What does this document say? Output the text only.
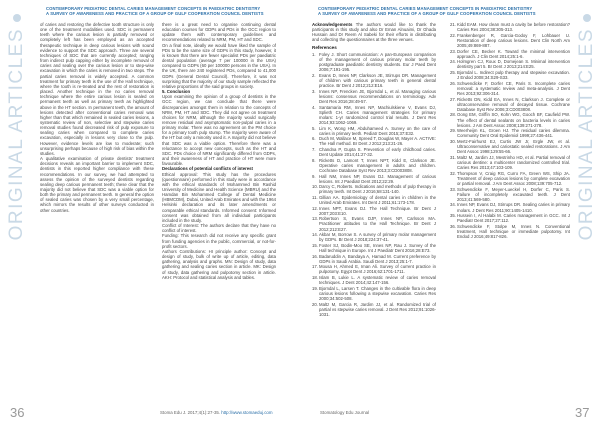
CONTEMPORARY PEDIATRIC DENTAL CARIES MANAGEMENT CONCEPTS IN PAEDIATRIC DENTISTRY
A SURVEY OF AWARENESS AND PRACTICE OF A GROUP OF GULF COOPERATION COUNCIL DENTISTS
ORIGINAL ARTICLES

of caries and restoring the defective tooth structure is only one of the treatment modalities used. SDC is permanent teeth where the carious lesion is partially removed or completely left has been employed as an accepted therapeutic technique in deep carious lesions with sound evidence to support the SDC approach. Three are several techniques of SDC that are currently accepted; ranging from indirect pulp capping either by incomplete removal of caries and sealing over the carious lesion or to step-wise excavation in which the caries is removed in two steps. The partial caries removal is widely accepted. A common treatment for primary teeth is the use of the Hall technique, where the tooth is re-treated and the rest of restoration is placed. Another technique in the no caries removal technique where the entire carious lesion is sealed on permanent teeth as well as primary teeth as highlighted above in the HT section. In permanent teeth, the amount of lesions detected after conventional caries removal was higher than that which remained in sealed caries lesions, a systematic review of non, selective and stepwise caries removal studies found decreased risk of pulp exposure to sealing caries when compared to complete caries excavation, especially in lesions very close to the pulp. However, evidence levels are low to moderate; such unsurprising perhaps because of high risk of bias within the studies.

A qualitative examination of private dentists' treatment decisions reveals an important barrier to implement SDC, dentists in this reported higher compliance with these recommendations. In our survey, we had attempted to assess the opinion of the surveyed dentists regarding sealing deep carious permanent teeth; these clear that the majority did not believe that SDC was a viable option for both the primary and permanent teeth. In general the option of sealed caries was chosen by a very small percentage, which mirrors the results of other surveys conducted in other countries.

there is a great need to organise continuing dental education courses for GDPs and PDs in the GCC region to update them with contemporary guidelines and recommendations related to NRM, PM, HT and SDC.

On a final note, ideally we would have liked the sample of PDs to be the same size of GDPs in this study, however, it is known that there are fewer specialist PDs per paediatric dental population (average 7 per 100000 in the USA) compared to GDPs (60 per 100000 persons in the USA). In the UK, there are 240 registered PDs, compared to 41,000 GDPs (General Dental Council). Therefore, it was not surprising that the majority of our study sample reflected the relative proportions of the said groups in society.

5. Conclusion

Upon examining the opinion of a group of dentists in the GCC region, we can conclude that there were discrepancies amongst them in relation to the concepts of NRM, PM, HT and SDC. They did not agree on treatment choices for NRM, although the majority would surgically remove residual and asymptomatic non-pulpal caries in a primary molar. There was no agreement on the PM choice for a primary tooth pulp stump. The majority were aware of the HT but only a minority used it. A majority did not believe that SDC was a viable option. Therefore there was a reluctance to accept new concepts, such as the HT and SDC. PDs choice of NRM significantly differed from GDPs, and their awareness of HT and practice of HT were more favourable.

Declarations of potential conflicts of interest

Ethical approval: This study has the procedures (questionnaire) performed in this study were in accordance with the ethical standards of Mohammed Bin Rashid University of Medicine and Health Science (MBRU) and the Hamdan Bin Mohammed College of Dental Medicine (HBMCDM), Dubai, United Arab Emirates and with the 1964 Helsinki declaration and its later amendments or comparable ethical standards. Informed consent: Informed consent was obtained from all individual participants included in the study.

Conflict of Interest: The authors declare that they have no conflict of interest.

Funding: This research did not receive any specific grant from funding agencies in the public, commercial, or not-for-profit sectors.

Authors Contributions: HI principle author: Concept and design of study, bulk of write up of article, editing, data gathering, analysis and graphs. MN: Design of study, data gathering and sealing caries section in article. MK: Design of study, data gathering and pulpotomy section in article. AKH: Protocol and statistical analysis and tables.

36	Stoma Edu J. 2017;4(1):27-35. http://www.stomaeduj.com
CONTEMPORARY PEDIATRIC DENTAL CARIES MANAGEMENT CONCEPTS IN PAEDIATRIC DENTISTRY
A SURVEY OF AWARENESS AND PRACTICE OF A GROUP OF GULF COOPERATION COUNCIL DENTISTS

Acknowledgements The authors would like to thank the participants in this study and also Dr Eman Alnuaimi, Dr Ghada Hussain and Dr Reem Al Sabeki for their efforts in distributing and collecting the questionnaires at the three venues.

References
1. Foley J. Short communication: A pan-European comparison of the management of carious primary molar teeth by postgraduate paediatric dentistry students. Eur J Paed Dent 2006;7:191-195.
2. Evans D, Innes NP, Clarkson JE, Stirrups DR. Management of children with carious primary teeth in general dental practice. Br Dent J 2012;212:E16.
3. Innes NP, Frencken JE, Bjorndal L, et al. Managing carious lesions: consensus recommendations on terminology. Adv Dent Res 2016;28:49-57.
4. Santamaria RM, Innes NP, Machiulskiene V, Evans DJ, Splieth CH. Caries management strategies for primary molars: 1-yr randomized control trial results. J Dent Res 2014;93:1062-1069.
5. Lim K, Wong HM, Abduhameed A. Survey on the care of caries in primary teeth. Pediatr Dent 2015;37:E32.
6. Duch M, Wallace M, Spreed T, Douglas W, Mayer A. ACTIVE: The Hall method. Br Dent J 2012;213:21-26.
7. Chandna P, Gupta S. Prevention of early childhood caries. Dent Update 2014;41:27-32.
8. Ricketts D, Lamont T, Innes NPT, Kidd E, Clarkson JE. Operative caries management in adults and children. Cochrane Database Syst Rev 2013;3:CD003808.
9. Hall NM, Innes NP, Evans DJ. Management of carious lesions. Int J Paediatr Dent 2012;22:29.
10. Darcy C, Roberts. Indications and methods of pulp therapy in primary teeth. Int Dent J 2016;68:131-140.
11. Gillian AA. Epidemiology of dental caries in children in the United Arab Emirates. Int Dent J 2011;61:173-178.
12. Innes NPT, Evans DJ. The Hall Technique. Br Dent J 2007;203:E10.
13. Robertson S, Evans DJP, Innes NP, Carlsson MA. Practitioner attitudes to the Hall Technique. Br Dent J 2012;212:E27.
14. Akbar M, Borrow S. A survey of primary molar management by GDPs. Br Dent J 2018;224:37-41.
15. Foster SJ, Bodin-Moo SE, Innes NP, Rau J. Survey of the Hall technique in Europe. Int J Paediatr Dent 2016;28:E73.
16. Badaruddin A, Bandaya A, Hamad M. Current preference by GDPs in Saudi Arabia. Saudi Dent J 2013;25:1-7.
17. Mousa H, Ahmed E, Iman Ali. Survey of current practice in pulpotomy. Egypt Dent J 2016;62:1701-1711.
18. Islam B, Lukie L. A systematic review of caries removal techniques. J Dent 2014;42:147-156.
19. Bjorndal L, Larsen T. Changes in the cultivable flora in deep carious lesions following a stepwise excavation. Caries Res 2000;34:502-508.
20. Maltz M, Garcia R, Jardim JJ, et al. Randomized trial of partial vs stepwise caries removal. J Dent Res 2012;91:1026-1031.
21. Kidd EAM. How clean must a cavity be before restoration? Caries Res 2004;38:305-313.
22. Frankenberger R, Garcia-Godoy F, Lohbauer U. Restoration of deep carious lesions. Dent Clin North Am 2005;49:869-887.
23. Dorfer CE, Becker K. Toward the minimal intervention approach. J Clin Dent 2014;25:1-6.
24. Holmgren CJ, Roux D, Domejean S. Minimal intervention dentistry part 5. Br Dent J 2013;214:E25.
25. Bjorndal L. Indirect pulp therapy and stepwise excavation. J Endod 2008;34:S29-S33.
26. Schwendicke F, Dorfer CE, Paris S. Incomplete caries removal: a systematic review and meta-analysis. J Dent Res 2013;92:306-314.
27. Ricketts DN, Kidd EA, Innes N, Clarkson J. Complete or ultraconservative removal of decayed tissue. Cochrane Database Syst Rev 2006;3:CD003808.
28. Oong EM, Griffin SO, Kohn WG, Gooch BF, Caufield PW. The effect of dental sealants on bacteria levels in caries lesions. J Am Dent Assoc 2008;139:271-278.
29. Weerheijm KL, Groen HJ. The residual caries dilemma. Community Dent Oral Epidemiol 1999;27:436-441.
30. Mertz-Fairhurst EJ, Curtis JW Jr, Ergle JW, et al. Ultraconservative and cariostatic sealed restorations. J Am Dent Assoc 1998;129:55-66.
31. Maltz M, Jardim JJ, Mestrinho HD, et al. Partial removal of carious dentine: a multicenter randomized controlled trial. Caries Res 2013;47:103-109.
32. Thompson V, Craig RG, Curro FA, Green WS, Ship JA. Treatment of deep carious lesions by complete excavation or partial removal. J Am Dent Assoc 2008;139:705-712.
33. Schwendicke F, Meyer-Lueckel H, Dorfer C, Paris S. Failure of incompletely excavated teeth. J Dent 2013;41:569-580.
34. Innes NP, Evans DJ, Stirrups DR. Sealing caries in primary molars. J Dent Res 2011;90:1405-1410.
35. Hussein I, Al Halabi M. Caries management in GCC. Int J Paediatr Dent 2017;27:112.
36. Schwendicke F, Stolpe M, Innes N. Conventional treatment, Hall technique or immediate pulpotomy. Int Endod J 2016;49:817-826.
Stomatology Edu Journal	37
ORIGINAL ARTICLES
